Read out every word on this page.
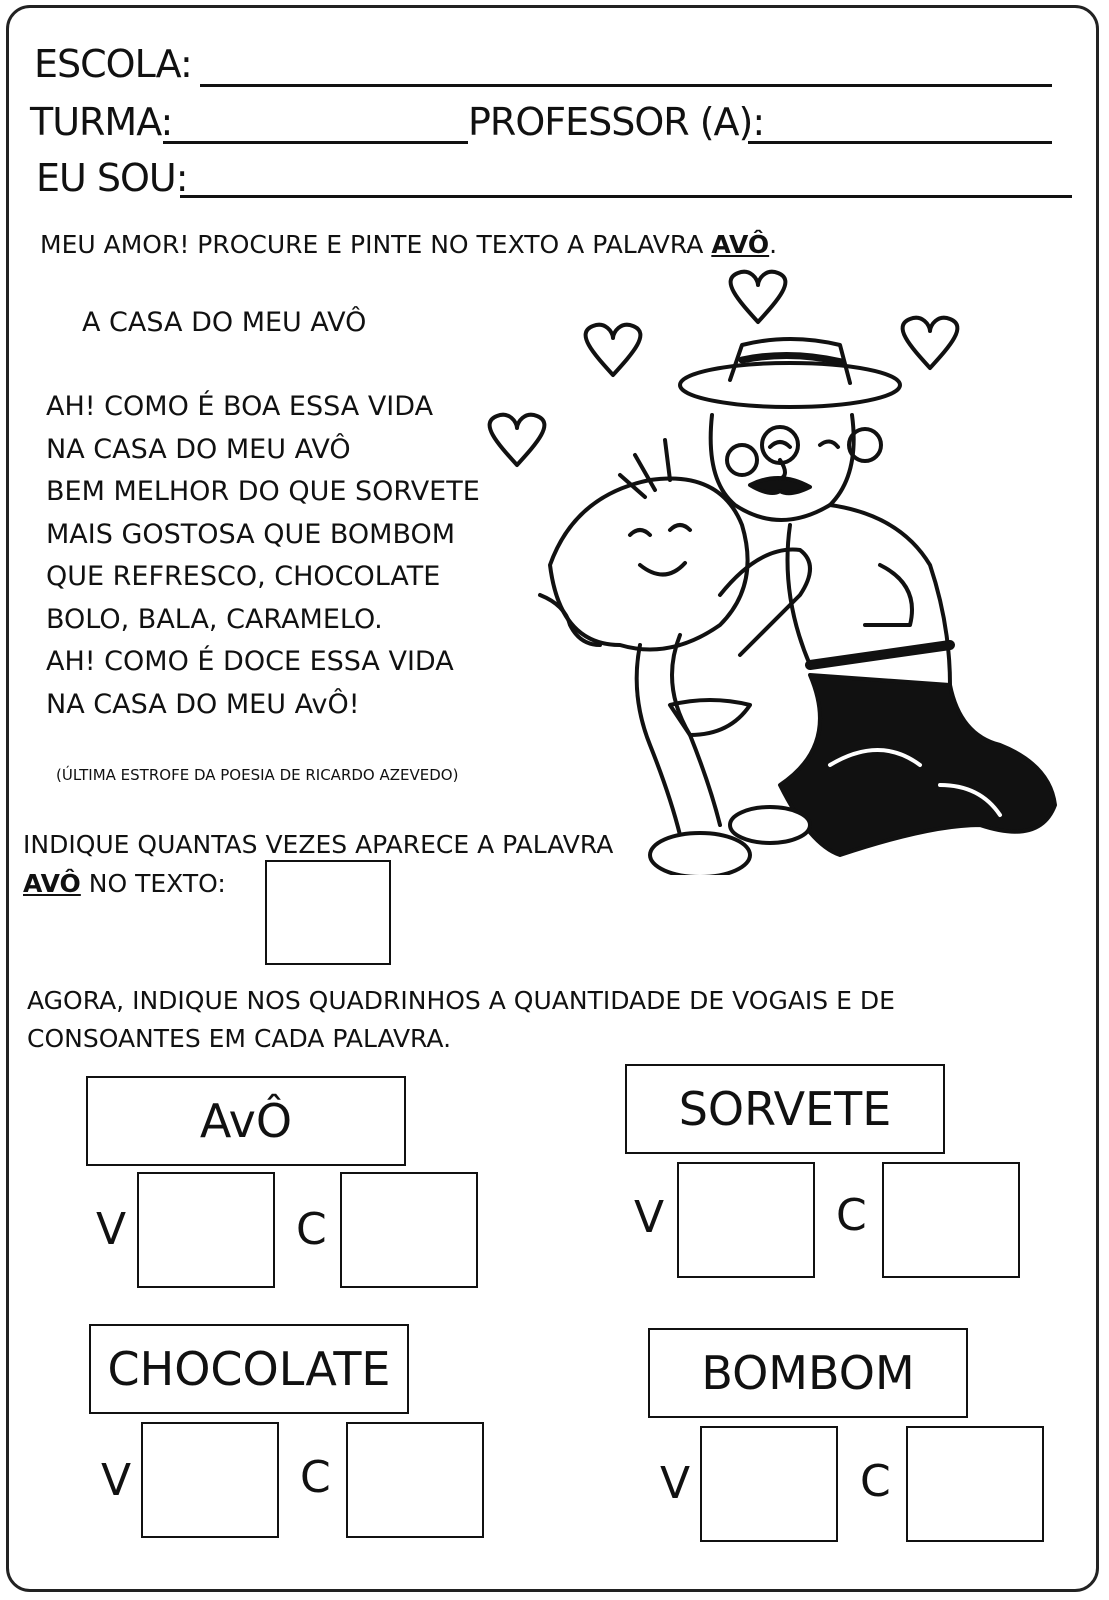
ESCOLA:
TURMA:	PROFESSOR (A):
EU SOU:
MEU AMOR! PROCURE E PINTE NO TEXTO A PALAVRA AVÔ.
A CASA DO MEU AVÔ
AH! COMO É BOA ESSA VIDA
NA CASA DO MEU AVÔ
BEM MELHOR DO QUE SORVETE
MAIS GOSTOSA QUE BOMBOM
QUE REFRESCO, CHOCOLATE
BOLO, BALA, CARAMELO.
AH! COMO É DOCE ESSA VIDA
NA CASA DO MEU AvÔ!
(ÚLTIMA ESTROFE DA POESIA DE RICARDO AZEVEDO)
INDIQUE QUANTAS VEZES APARECE A PALAVRA
AVÔ NO TEXTO:
AGORA, INDIQUE NOS QUADRINHOS A QUANTIDADE DE VOGAIS E DE
CONSOANTES EM CADA PALAVRA.
AvÔ
V	C
SORVETE
V	C
CHOCOLATE
V	C
BOMBOM
V	C
